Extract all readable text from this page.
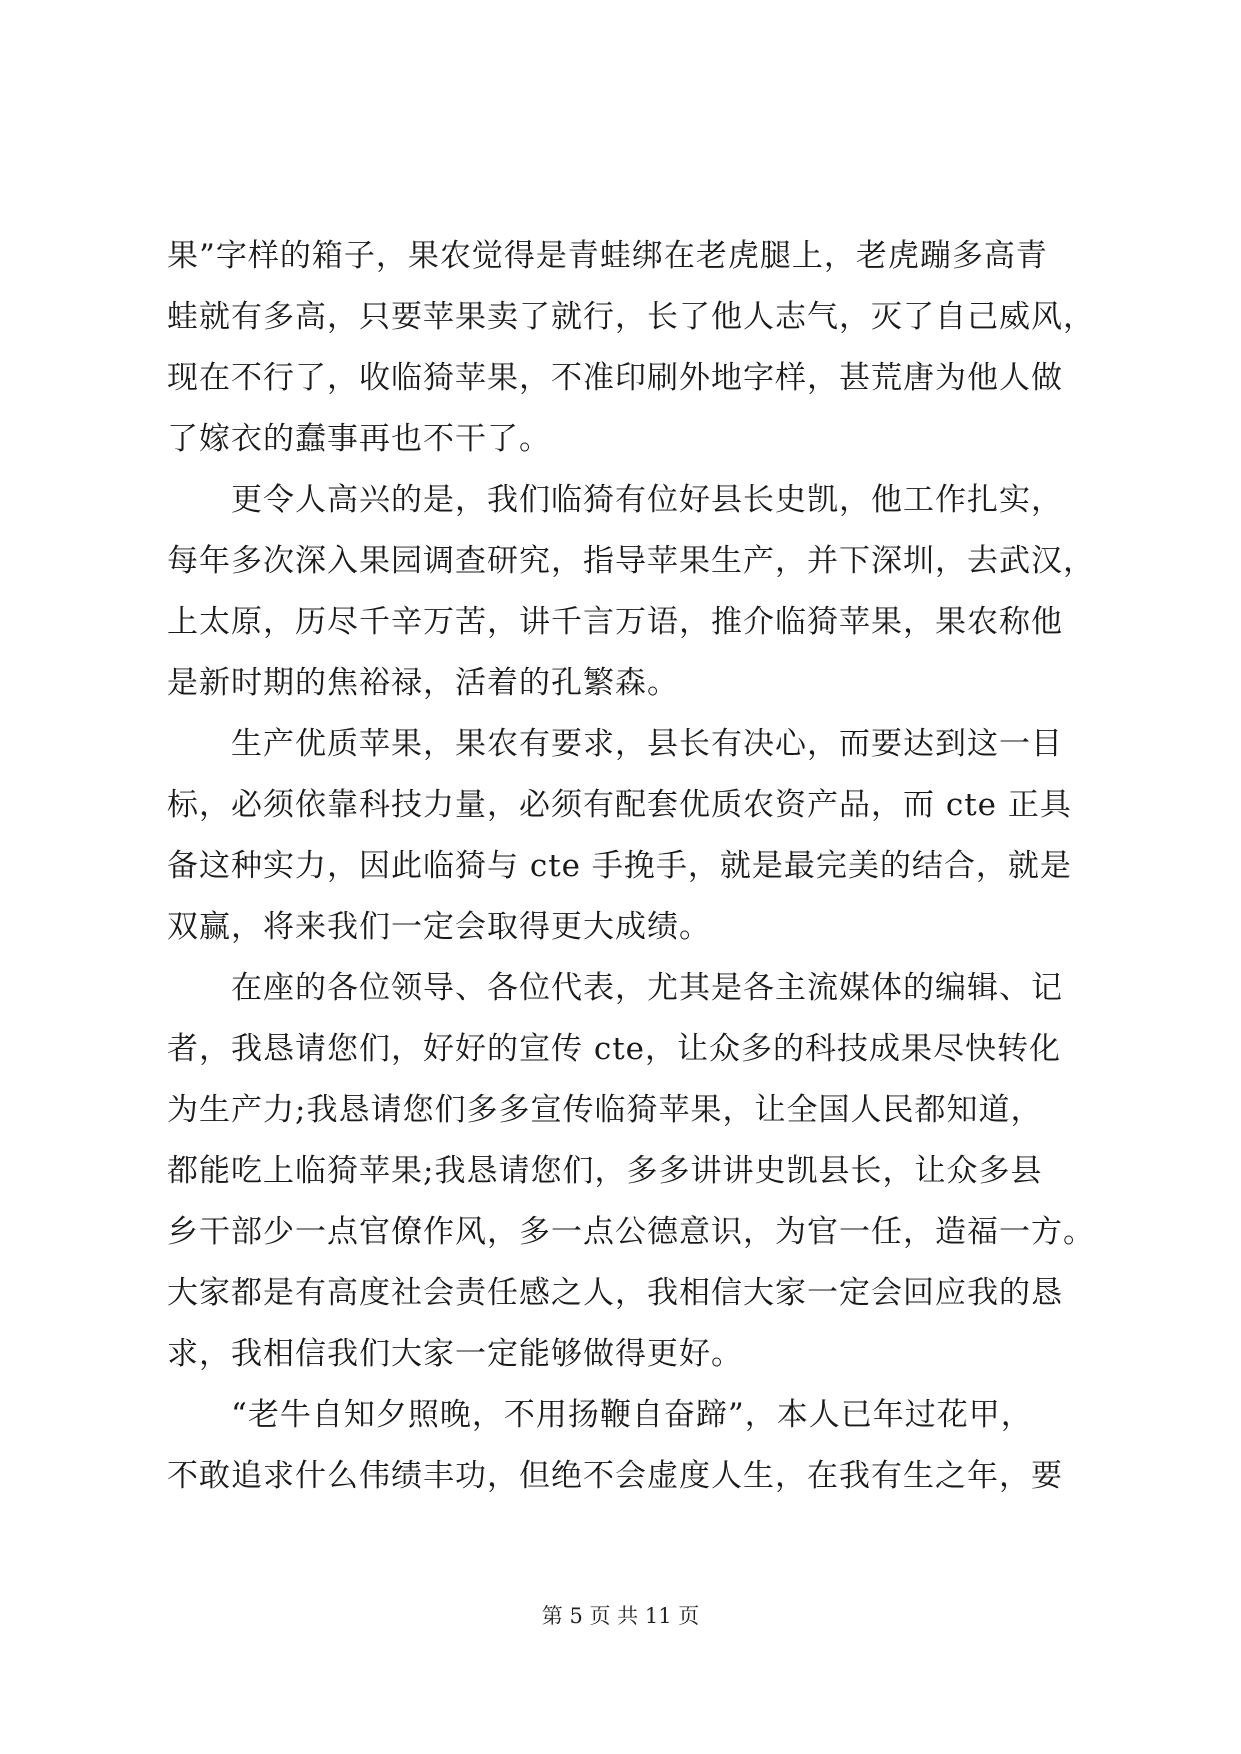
果”字样的箱子，果农觉得是青蛙绑在老虎腿上，老虎蹦多高青
蛙就有多高，只要苹果卖了就行，长了他人志气，灭了自己威风，
现在不行了，收临猗苹果，不准印刷外地字样，甚荒唐为他人做
了嫁衣的蠢事再也不干了。
更令人高兴的是，我们临猗有位好县长史凯，他工作扎实，
每年多次深入果园调查研究，指导苹果生产，并下深圳，去武汉，
上太原，历尽千辛万苦，讲千言万语，推介临猗苹果，果农称他
是新时期的焦裕禄，活着的孔繁森。
生产优质苹果，果农有要求，县长有决心，而要达到这一目
标，必须依靠科技力量，必须有配套优质农资产品，而 cte 正具
备这种实力，因此临猗与 cte 手挽手，就是最完美的结合，就是
双赢，将来我们一定会取得更大成绩。
在座的各位领导、各位代表，尤其是各主流媒体的编辑、记
者，我恳请您们，好好的宣传 cte，让众多的科技成果尽快转化
为生产力;我恳请您们多多宣传临猗苹果，让全国人民都知道，
都能吃上临猗苹果;我恳请您们，多多讲讲史凯县长，让众多县
乡干部少一点官僚作风，多一点公德意识，为官一任，造福一方。
大家都是有高度社会责任感之人，我相信大家一定会回应我的恳
求，我相信我们大家一定能够做得更好。
“老牛自知夕照晚，不用扬鞭自奋蹄”，本人已年过花甲，
不敢追求什么伟绩丰功，但绝不会虚度人生，在我有生之年，要
第 5 页 共 11 页
